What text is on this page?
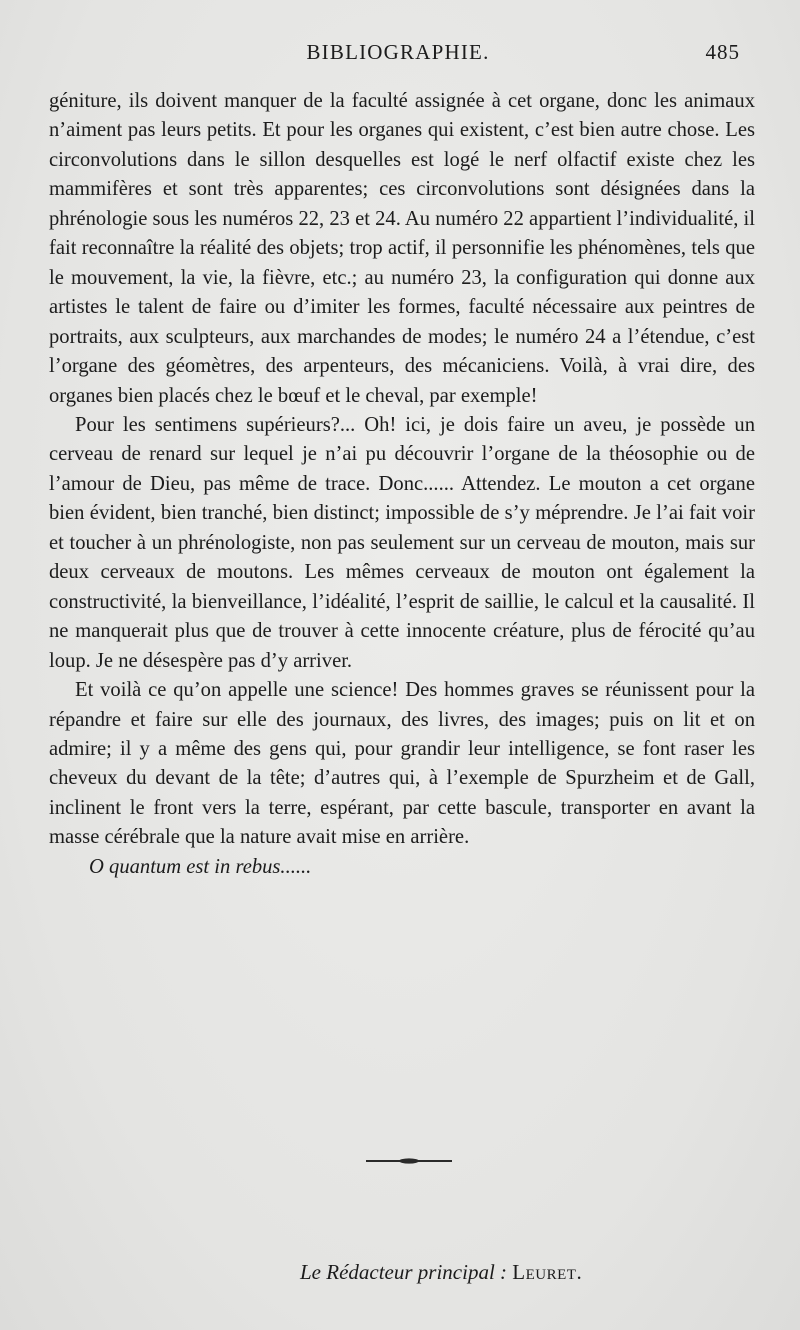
BIBLIOGRAPHIE.	485

géniture, ils doivent manquer de la faculté assignée à cet organe, donc les animaux n’aiment pas leurs petits. Et pour les organes qui existent, c’est bien autre chose. Les circonvolutions dans le sillon desquelles est logé le nerf olfactif existe chez les mammifères et sont très apparentes; ces circonvolutions sont désignées dans la phrénologie sous les numéros 22, 23 et 24. Au numéro 22 appartient l’individualité, il fait reconnaître la réalité des objets; trop actif, il personnifie les phénomènes, tels que le mouvement, la vie, la fièvre, etc.; au numéro 23, la configuration qui donne aux artistes le talent de faire ou d’imiter les formes, faculté nécessaire aux peintres de portraits, aux sculpteurs, aux marchandes de modes; le numéro 24 a l’étendue, c’est l’organe des géomètres, des arpenteurs, des mécaniciens. Voilà, à vrai dire, des organes bien placés chez le bœuf et le cheval, par exemple!

Pour les sentimens supérieurs?... Oh! ici, je dois faire un aveu, je possède un cerveau de renard sur lequel je n’ai pu découvrir l’organe de la théosophie ou de l’amour de Dieu, pas même de trace. Donc...... Attendez. Le mouton a cet organe bien évident, bien tranché, bien distinct; impossible de s’y méprendre. Je l’ai fait voir et toucher à un phrénologiste, non pas seulement sur un cerveau de mouton, mais sur deux cerveaux de moutons. Les mêmes cerveaux de mouton ont également la constructivité, la bienveillance, l’idéalité, l’esprit de saillie, le calcul et la causalité. Il ne manquerait plus que de trouver à cette innocente créature, plus de férocité qu’au loup. Je ne désespère pas d’y arriver.

Et voilà ce qu’on appelle une science! Des hommes graves se réunissent pour la répandre et faire sur elle des journaux, des livres, des images; puis on lit et on admire; il y a même des gens qui, pour grandir leur intelligence, se font raser les cheveux du devant de la tête; d’autres qui, à l’exemple de Spurzheim et de Gall, inclinent le front vers la terre, espérant, par cette bascule, transporter en avant la masse cérébrale que la nature avait mise en arrière.

O quantum est in rebus......

Le Rédacteur principal : Leuret.
